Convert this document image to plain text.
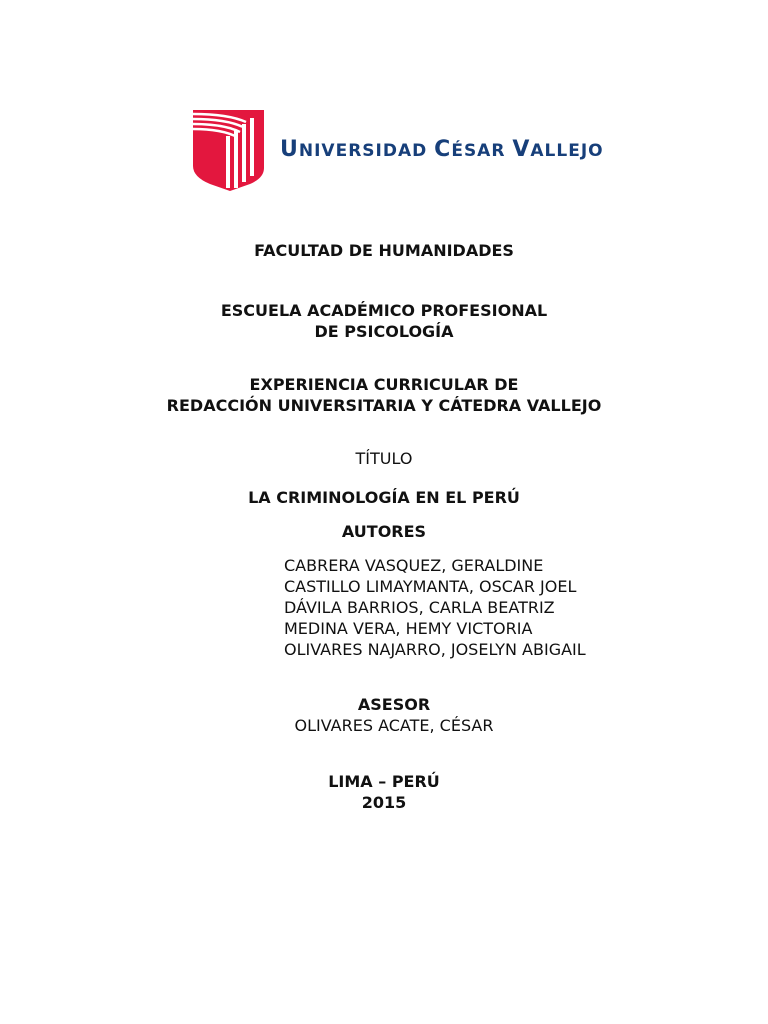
UNIVERSIDAD CÉSAR VALLEJO
FACULTAD DE HUMANIDADES
ESCUELA ACADÉMICO PROFESIONAL
DE PSICOLOGÍA
EXPERIENCIA CURRICULAR DE
REDACCIÓN UNIVERSITARIA Y CÁTEDRA VALLEJO
TÍTULO
LA CRIMINOLOGÍA EN EL PERÚ
AUTORES
CABRERA VASQUEZ, GERALDINE
CASTILLO LIMAYMANTA, OSCAR JOEL
DÁVILA BARRIOS, CARLA BEATRIZ
MEDINA VERA, HEMY VICTORIA
OLIVARES NAJARRO, JOSELYN ABIGAIL
ASESOR
OLIVARES ACATE, CÉSAR
LIMA – PERÚ
2015
